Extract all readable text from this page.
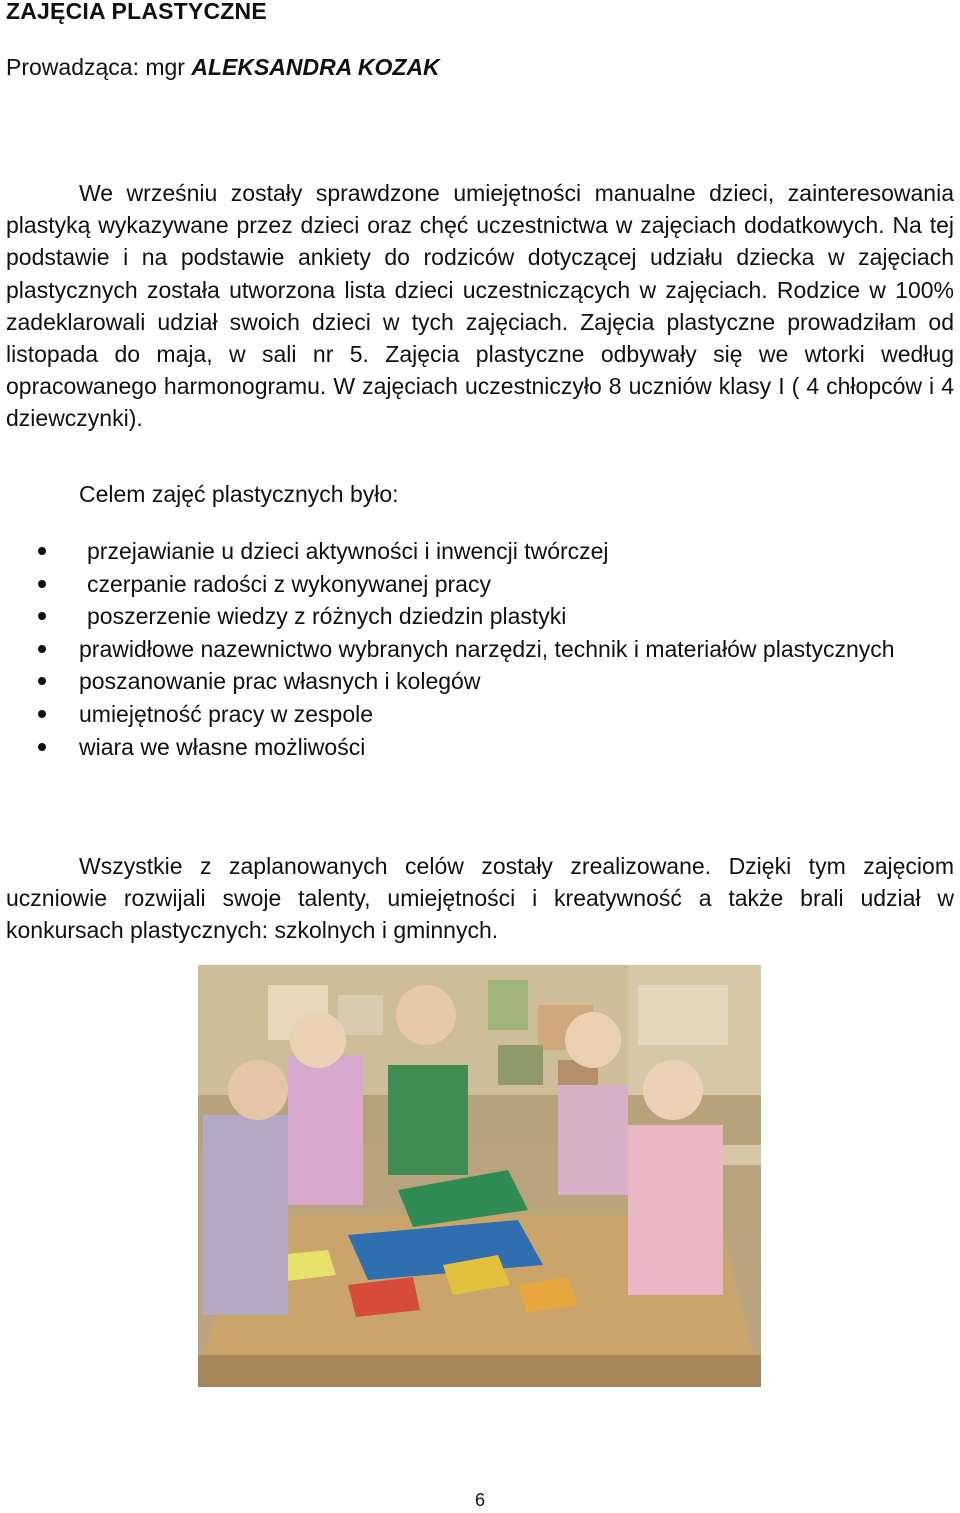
ZAJĘCIA PLASTYCZNE
Prowadząca: mgr ALEKSANDRA KOZAK

We wrześniu zostały sprawdzone umiejętności manualne dzieci, zainteresowania plastyką wykazywane przez dzieci oraz chęć uczestnictwa w zajęciach dodatkowych. Na tej podstawie i na podstawie ankiety do rodziców dotyczącej udziału dziecka w zajęciach plastycznych została utworzona lista dzieci uczestniczących w zajęciach. Rodzice w 100% zadeklarowali udział swoich dzieci w tych zajęciach. Zajęcia plastyczne prowadziłam od listopada do maja, w sali nr 5. Zajęcia plastyczne odbywały się we wtorki według opracowanego harmonogramu. W zajęciach uczestniczyło 8 uczniów klasy I ( 4 chłopców i 4 dziewczynki).

Celem zajęć plastycznych było:

przejawianie u dzieci aktywności i inwencji twórczej
czerpanie radości z wykonywanej pracy
poszerzenie wiedzy z różnych dziedzin plastyki
prawidłowe nazewnictwo wybranych narzędzi, technik i materiałów plastycznych
poszanowanie prac własnych i kolegów
umiejętność pracy w zespole
wiara we własne możliwości

Wszystkie z zaplanowanych celów zostały zrealizowane. Dzięki tym zajęciom uczniowie rozwijali swoje talenty, umiejętności i kreatywność a także brali udział w konkursach plastycznych: szkolnych i gminnych.

6
